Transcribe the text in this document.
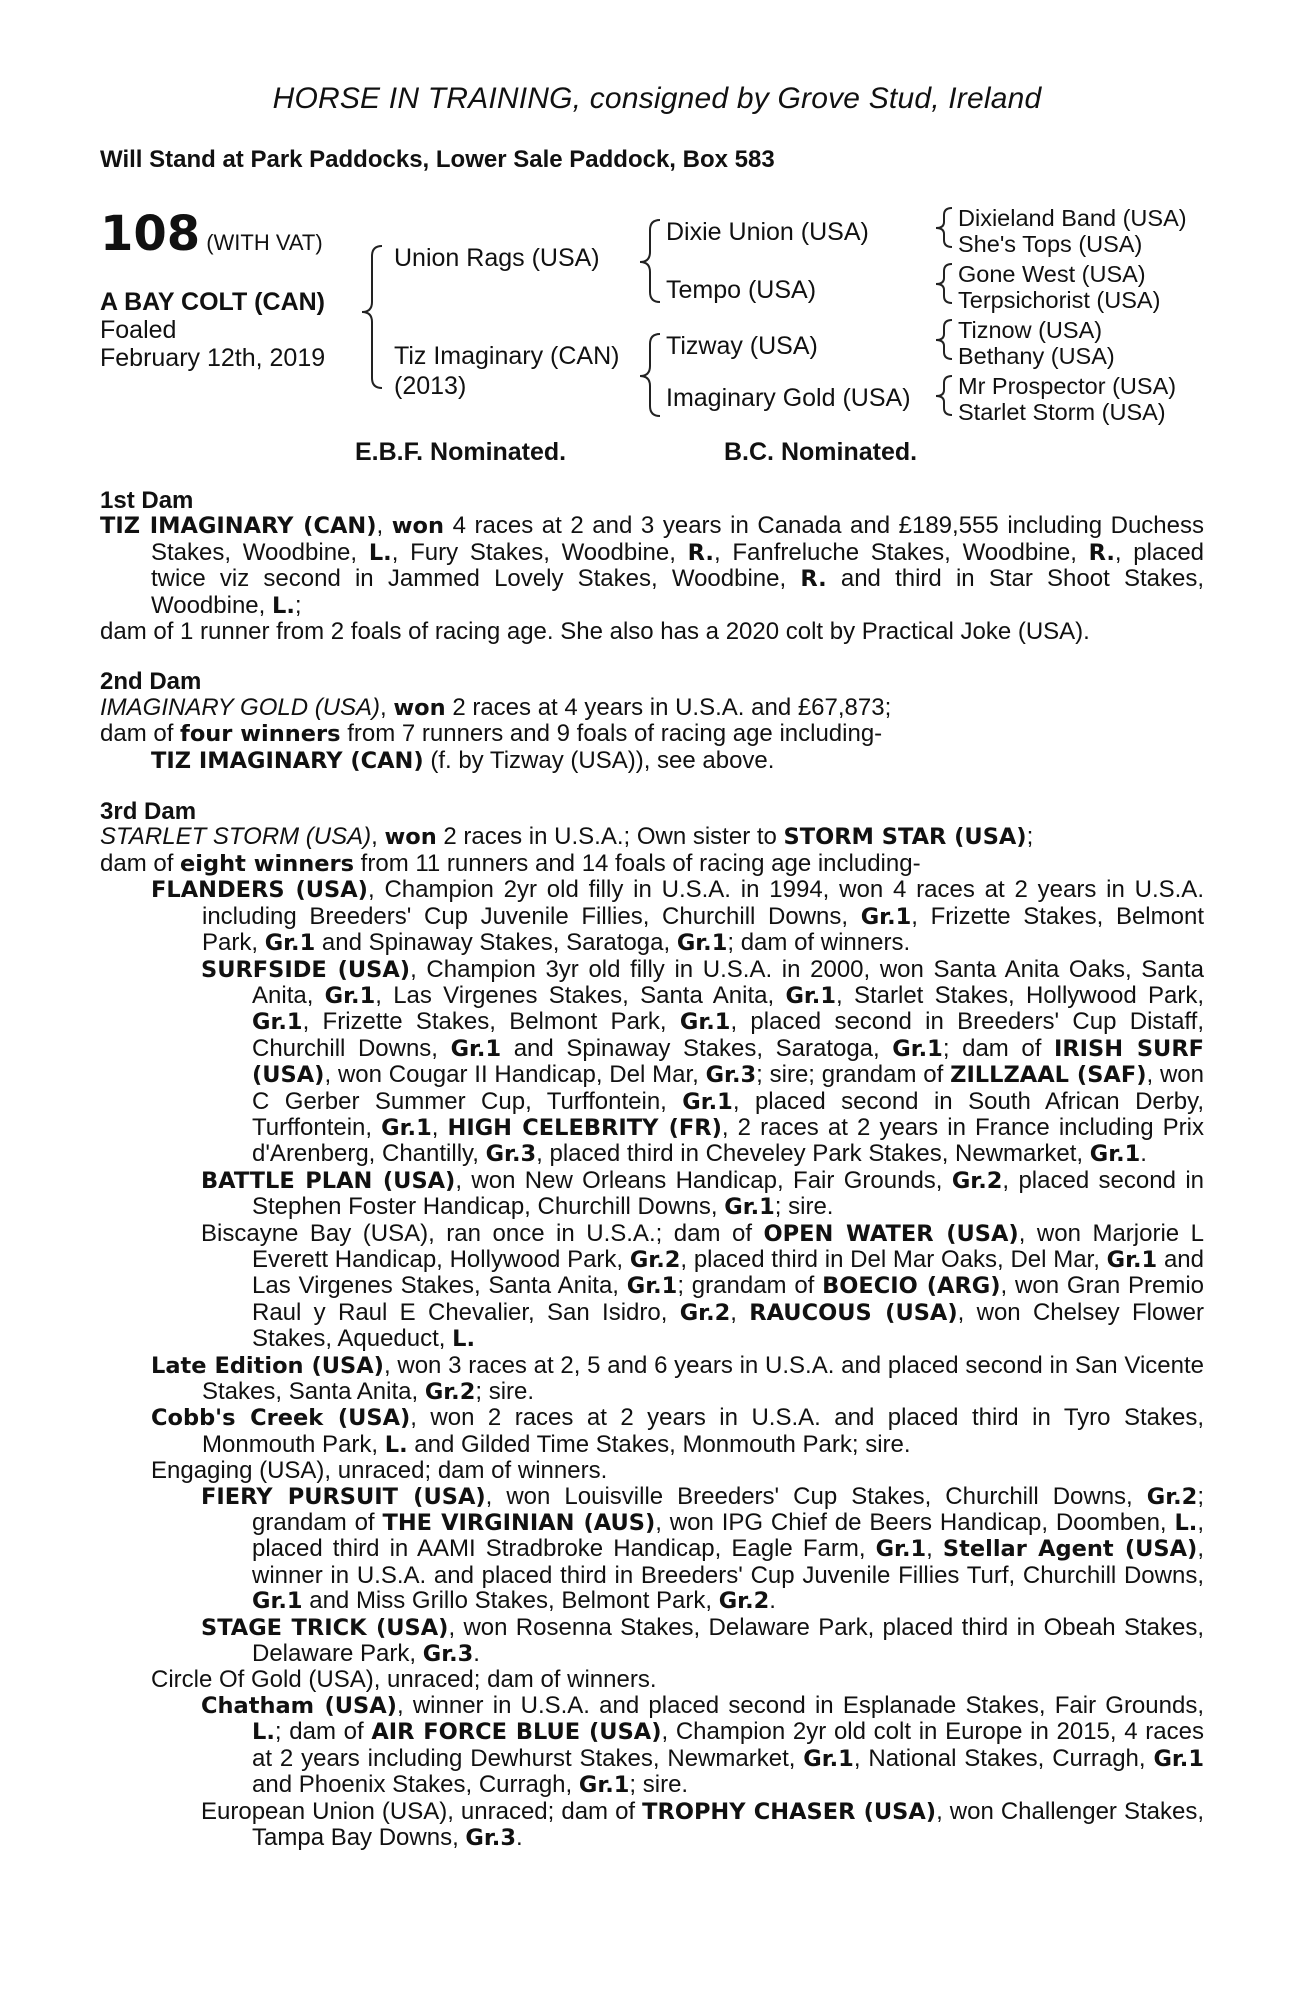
HORSE IN TRAINING, consigned by Grove Stud, Ireland
Will Stand at Park Paddocks, Lower Sale Paddock, Box 583
108 (WITH VAT)
A BAY COLT (CAN)
Foaled
February 12th, 2019
Union Rags (USA)
Tiz Imaginary (CAN)
(2013)
Dixie Union (USA)
Tempo (USA)
Tizway (USA)
Imaginary Gold (USA)
Dixieland Band (USA)
She's Tops (USA)
Gone West (USA)
Terpsichorist (USA)
Tiznow (USA)
Bethany (USA)
Mr Prospector (USA)
Starlet Storm (USA)
E.B.F. Nominated.	B.C. Nominated.
1st Dam
TIZ IMAGINARY (CAN), won 4 races at 2 and 3 years in Canada and £189,555 including Duchess Stakes, Woodbine, L., Fury Stakes, Woodbine, R., Fanfreluche Stakes, Woodbine, R., placed twice viz second in Jammed Lovely Stakes, Woodbine, R. and third in Star Shoot Stakes, Woodbine, L.;
dam of 1 runner from 2 foals of racing age. She also has a 2020 colt by Practical Joke (USA).
2nd Dam
IMAGINARY GOLD (USA), won 2 races at 4 years in U.S.A. and £67,873;
dam of four winners from 7 runners and 9 foals of racing age including-
TIZ IMAGINARY (CAN) (f. by Tizway (USA)), see above.
3rd Dam
STARLET STORM (USA), won 2 races in U.S.A.; Own sister to STORM STAR (USA);
dam of eight winners from 11 runners and 14 foals of racing age including-
FLANDERS (USA), Champion 2yr old filly in U.S.A. in 1994, won 4 races at 2 years in U.S.A. including Breeders' Cup Juvenile Fillies, Churchill Downs, Gr.1, Frizette Stakes, Belmont Park, Gr.1 and Spinaway Stakes, Saratoga, Gr.1; dam of winners.
SURFSIDE (USA), Champion 3yr old filly in U.S.A. in 2000, won Santa Anita Oaks, Santa Anita, Gr.1, Las Virgenes Stakes, Santa Anita, Gr.1, Starlet Stakes, Hollywood Park, Gr.1, Frizette Stakes, Belmont Park, Gr.1, placed second in Breeders' Cup Distaff, Churchill Downs, Gr.1 and Spinaway Stakes, Saratoga, Gr.1; dam of IRISH SURF (USA), won Cougar II Handicap, Del Mar, Gr.3; sire; grandam of ZILLZAAL (SAF), won C Gerber Summer Cup, Turffontein, Gr.1, placed second in South African Derby, Turffontein, Gr.1, HIGH CELEBRITY (FR), 2 races at 2 years in France including Prix d'Arenberg, Chantilly, Gr.3, placed third in Cheveley Park Stakes, Newmarket, Gr.1.
BATTLE PLAN (USA), won New Orleans Handicap, Fair Grounds, Gr.2, placed second in Stephen Foster Handicap, Churchill Downs, Gr.1; sire.
Biscayne Bay (USA), ran once in U.S.A.; dam of OPEN WATER (USA), won Marjorie L Everett Handicap, Hollywood Park, Gr.2, placed third in Del Mar Oaks, Del Mar, Gr.1 and Las Virgenes Stakes, Santa Anita, Gr.1; grandam of BOECIO (ARG), won Gran Premio Raul y Raul E Chevalier, San Isidro, Gr.2, RAUCOUS (USA), won Chelsey Flower Stakes, Aqueduct, L.
Late Edition (USA), won 3 races at 2, 5 and 6 years in U.S.A. and placed second in San Vicente Stakes, Santa Anita, Gr.2; sire.
Cobb's Creek (USA), won 2 races at 2 years in U.S.A. and placed third in Tyro Stakes, Monmouth Park, L. and Gilded Time Stakes, Monmouth Park; sire.
Engaging (USA), unraced; dam of winners.
FIERY PURSUIT (USA), won Louisville Breeders' Cup Stakes, Churchill Downs, Gr.2; grandam of THE VIRGINIAN (AUS), won IPG Chief de Beers Handicap, Doomben, L., placed third in AAMI Stradbroke Handicap, Eagle Farm, Gr.1, Stellar Agent (USA), winner in U.S.A. and placed third in Breeders' Cup Juvenile Fillies Turf, Churchill Downs, Gr.1 and Miss Grillo Stakes, Belmont Park, Gr.2.
STAGE TRICK (USA), won Rosenna Stakes, Delaware Park, placed third in Obeah Stakes, Delaware Park, Gr.3.
Circle Of Gold (USA), unraced; dam of winners.
Chatham (USA), winner in U.S.A. and placed second in Esplanade Stakes, Fair Grounds, L.; dam of AIR FORCE BLUE (USA), Champion 2yr old colt in Europe in 2015, 4 races at 2 years including Dewhurst Stakes, Newmarket, Gr.1, National Stakes, Curragh, Gr.1 and Phoenix Stakes, Curragh, Gr.1; sire.
European Union (USA), unraced; dam of TROPHY CHASER (USA), won Challenger Stakes, Tampa Bay Downs, Gr.3.
